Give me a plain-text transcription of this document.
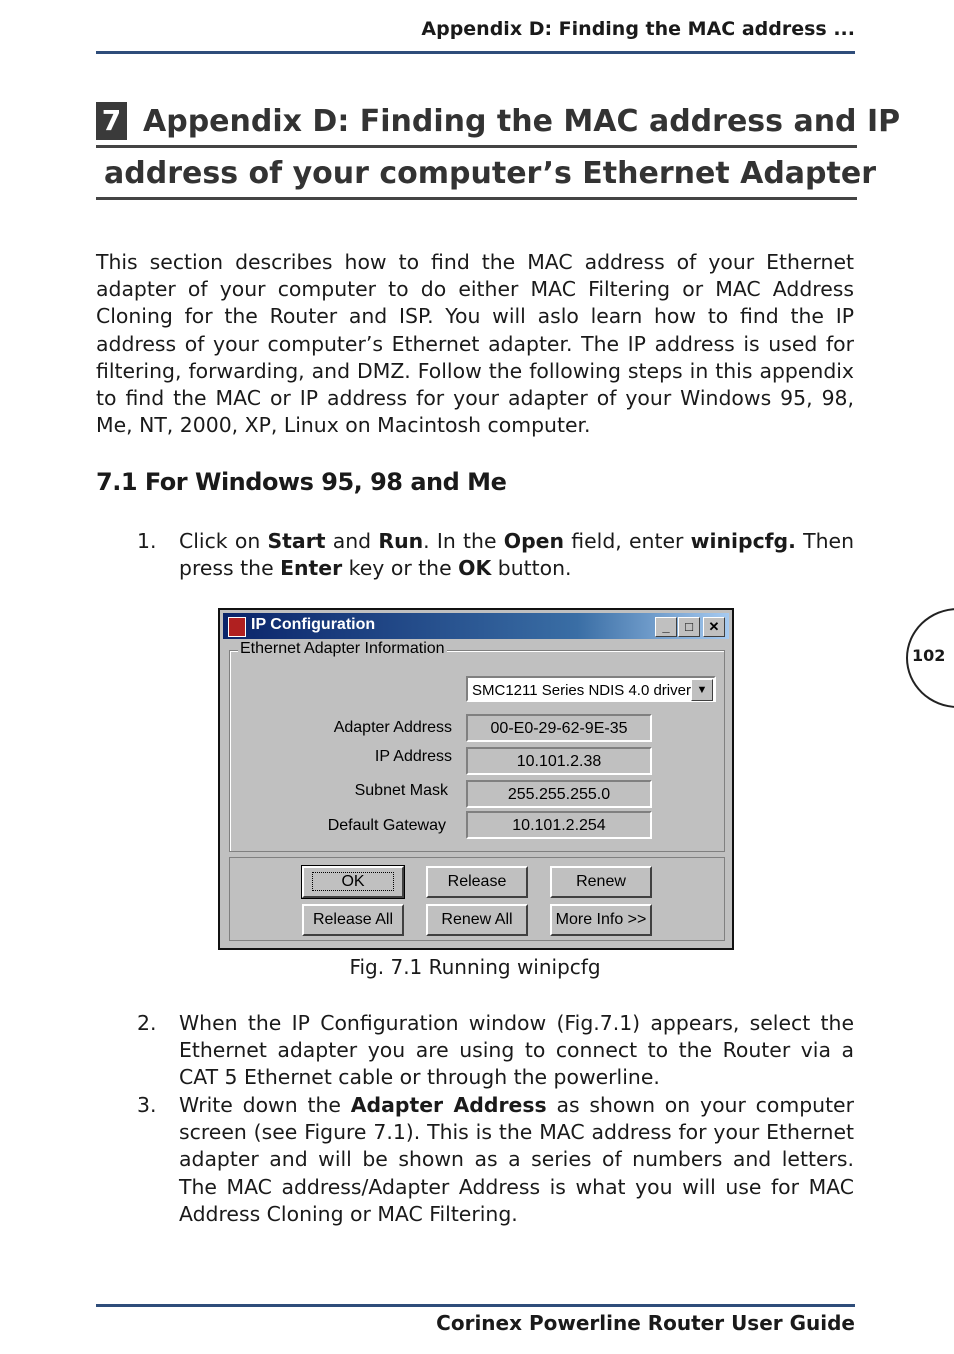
Appendix D: Finding the MAC address ...
7 Appendix D: Finding the MAC address and IP
address of your computer’s Ethernet Adapter
This section describes how to find the MAC address of your Ethernet adapter of your computer to do either MAC Filtering or MAC Address Cloning for the Router and ISP. You will aslo learn how to find the IP address of your computer’s Ethernet adapter. The IP address is used for filtering, forwarding, and DMZ. Follow the following steps in this appendix to find the MAC or IP address for your adapter of your Windows 95, 98, Me, NT, 2000, XP, Linux on Macintosh computer.
7.1 For Windows 95, 98 and Me
1. Click on Start and Run. In the Open field, enter winipcfg. Then press the Enter key or the OK button.
102
IP Configuration	_	□	✕
Ethernet Adapter Information
SMC1211 Series NDIS 4.0 driver ▼
Adapter Address	00-E0-29-62-9E-35
IP Address	10.101.2.38
Subnet Mask	255.255.255.0
Default Gateway	10.101.2.254
OK	Release	Renew
Release All	Renew All	More Info >>
Fig. 7.1 Running winipcfg
2. When the IP Configuration window (Fig.7.1) appears, select the Ethernet adapter you are using to connect to the Router via a CAT 5 Ethernet cable or through the powerline.
3. Write down the Adapter Address as shown on your computer screen (see Figure 7.1). This is the MAC address for your Ethernet adapter and will be shown as a series of numbers and letters. The MAC address/Adapter Address is what you will use for MAC Address Cloning or MAC Filtering.
Corinex Powerline Router User Guide
